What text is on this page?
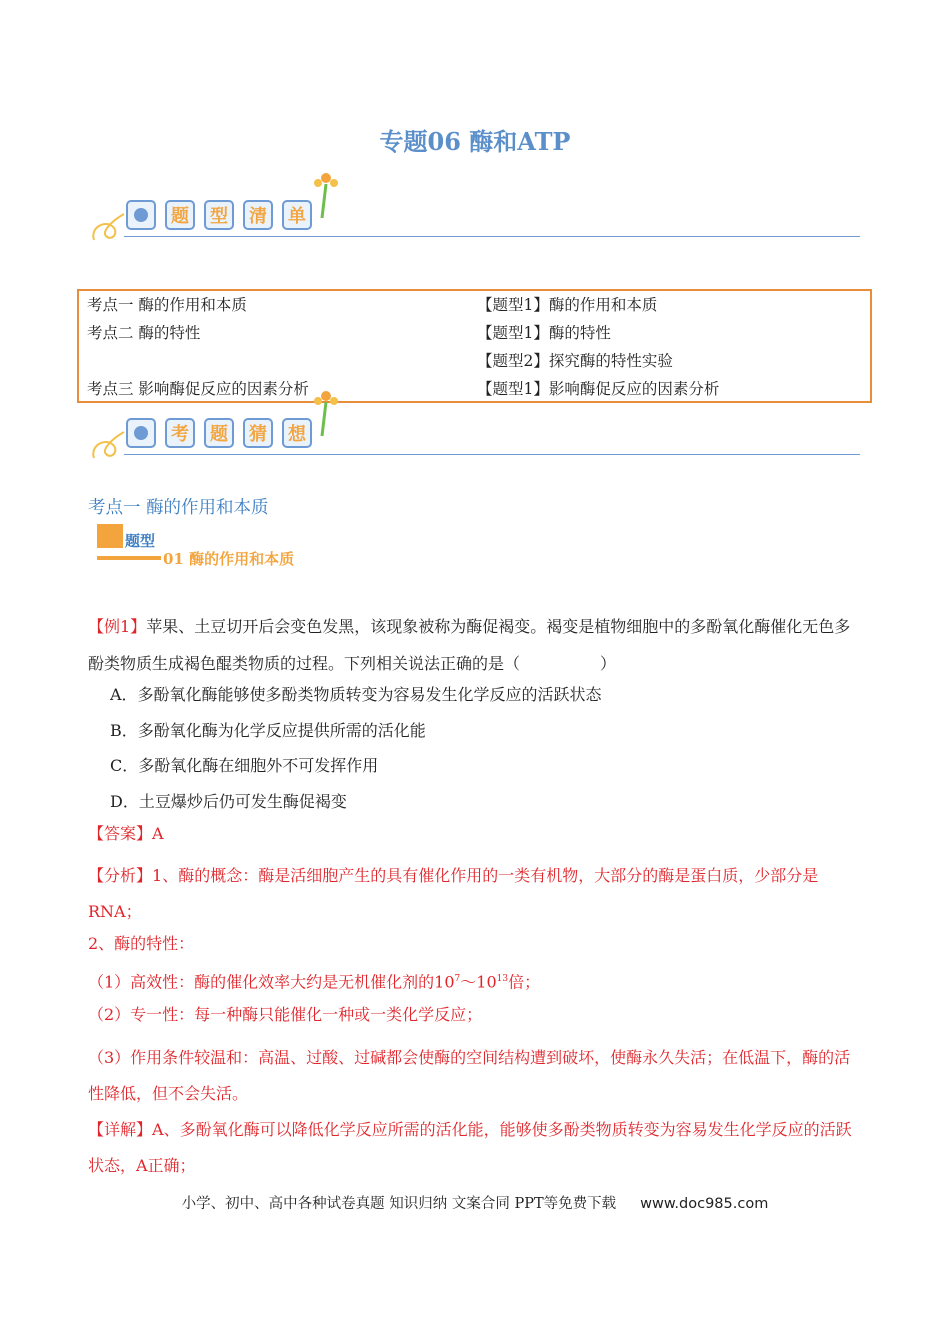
专题06 酶和ATP
题	型	清	单
考点一 酶的作用和本质	【题型1】酶的作用和本质
考点二 酶的特性	【题型1】酶的特性
【题型2】探究酶的特性实验
考点三 影响酶促反应的因素分析	【题型1】影响酶促反应的因素分析
考	题	猜	想
考点一 酶的作用和本质
题型
01 酶的作用和本质
【例1】苹果、土豆切开后会变色发黑，该现象被称为酶促褐变。褐变是植物细胞中的多酚氧化酶催化无色多酚类物质生成褐色醌类物质的过程。下列相关说法正确的是（　　　　　）
A．多酚氧化酶能够使多酚类物质转变为容易发生化学反应的活跃状态
B．多酚氧化酶为化学反应提供所需的活化能
C．多酚氧化酶在细胞外不可发挥作用
D．土豆爆炒后仍可发生酶促褐变
【答案】A
【分析】1、酶的概念：酶是活细胞产生的具有催化作用的一类有机物，大部分的酶是蛋白质，少部分是RNA；
2、酶的特性：
（1）高效性：酶的催化效率大约是无机催化剂的$10^7\sim 10^{13}$倍；
（2）专一性：每一种酶只能催化一种或一类化学反应；
（3）作用条件较温和：高温、过酸、过碱都会使酶的空间结构遭到破坏，使酶永久失活；在低温下，酶的活性降低，但不会失活。
【详解】A、多酚氧化酶可以降低化学反应所需的活化能，能够使多酚类物质转变为容易发生化学反应的活跃状态，A正确；
小学、初中、高中各种试卷真题 知识归纳 文案合同 PPT等免费下载 www.doc985.com
